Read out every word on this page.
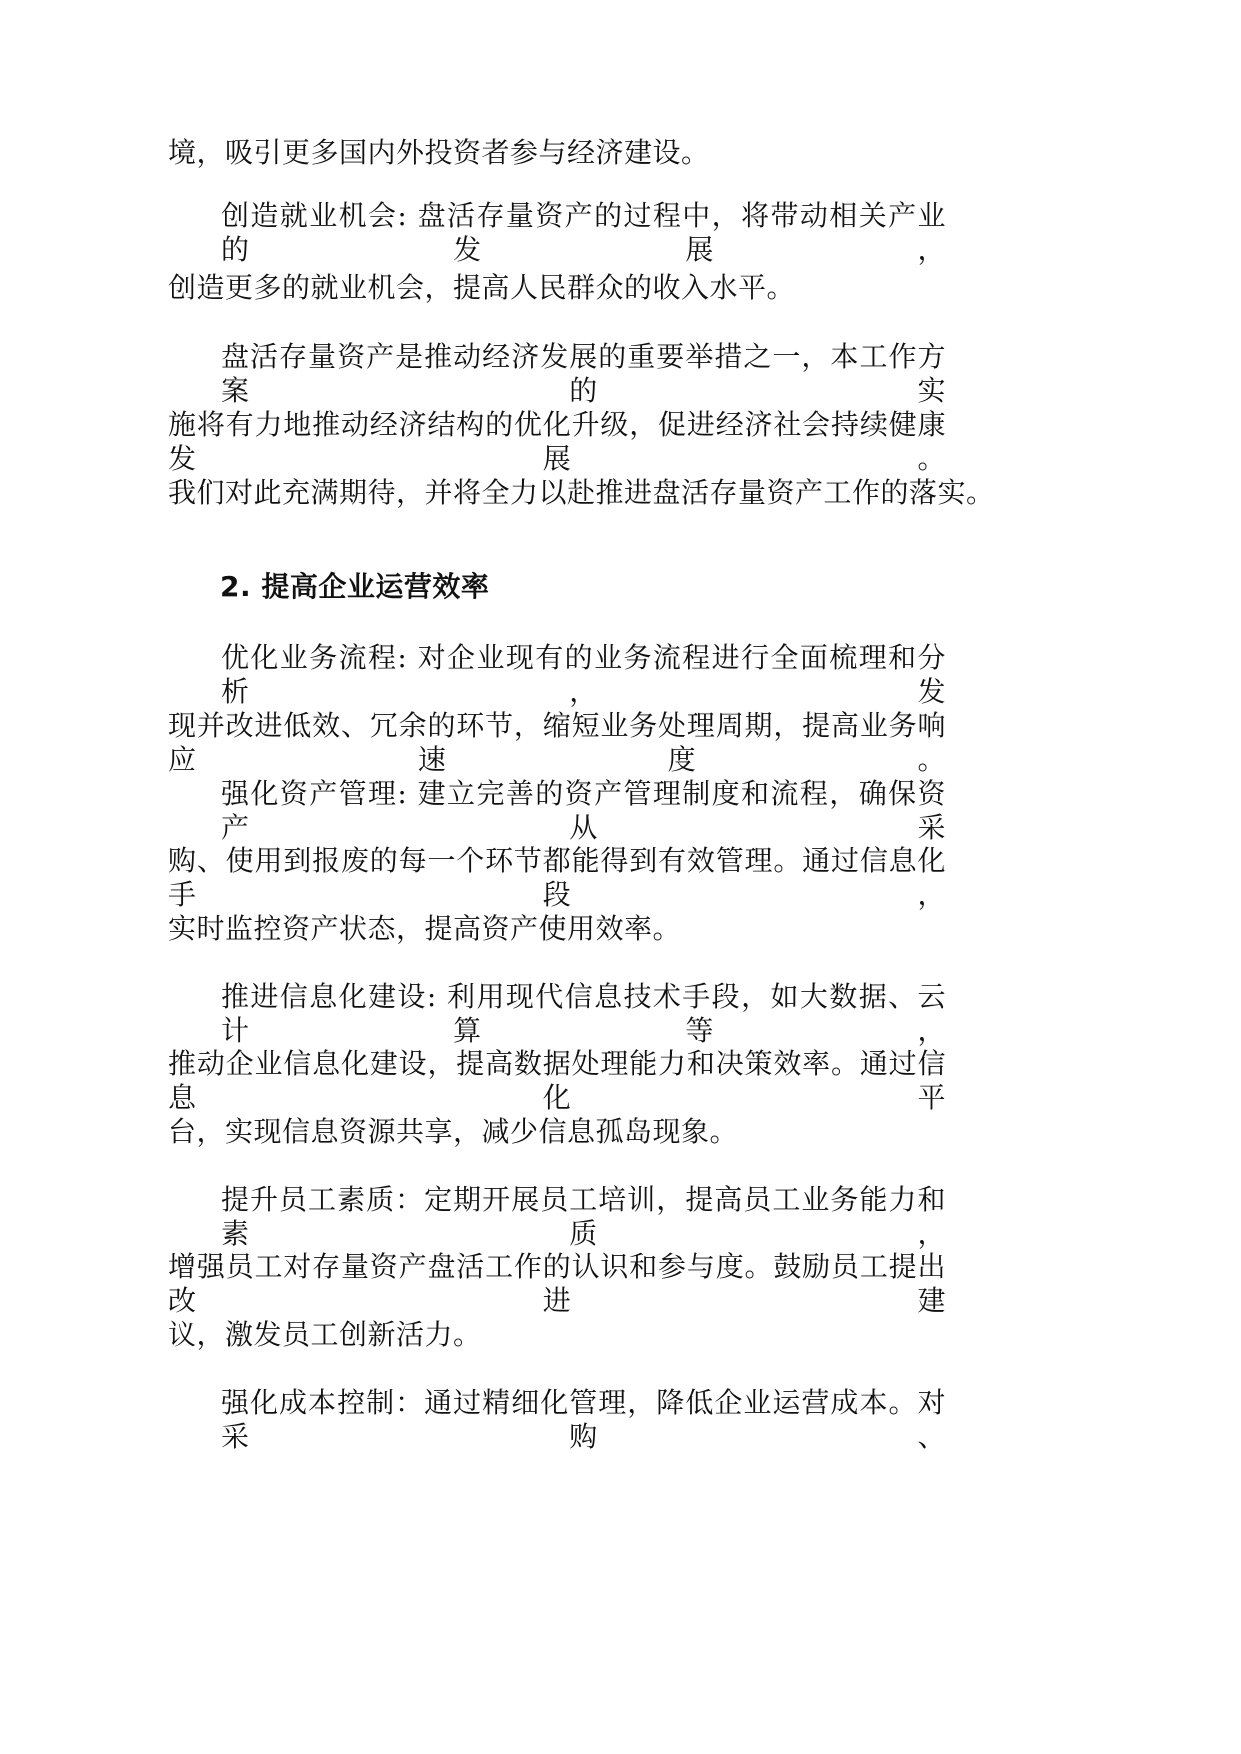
境，吸引更多国内外投资者参与经济建设。
创造就业机会: 盘活存量资产的过程中，将带动相关产业的发展，
创造更多的就业机会，提高人民群众的收入水平。
盘活存量资产是推动经济发展的重要举措之一，本工作方案的实
施将有力地推动经济结构的优化升级，促进经济社会持续健康发展。
我们对此充满期待，并将全力以赴推进盘活存量资产工作的落实。
2. 提高企业运营效率
优化业务流程: 对企业现有的业务流程进行全面梳理和分析，发
现并改进低效、冗余的环节，缩短业务处理周期，提高业务响应速度。
强化资产管理: 建立完善的资产管理制度和流程，确保资产从采
购、使用到报废的每一个环节都能得到有效管理。通过信息化手段，
实时监控资产状态，提高资产使用效率。
推进信息化建设: 利用现代信息技术手段，如大数据、云计算等，
推动企业信息化建设，提高数据处理能力和决策效率。通过信息化平
台，实现信息资源共享，减少信息孤岛现象。
提升员工素质：定期开展员工培训，提高员工业务能力和素质，
增强员工对存量资产盘活工作的认识和参与度。鼓励员工提出改进建
议，激发员工创新活力。
强化成本控制：通过精细化管理，降低企业运营成本。对采购、
